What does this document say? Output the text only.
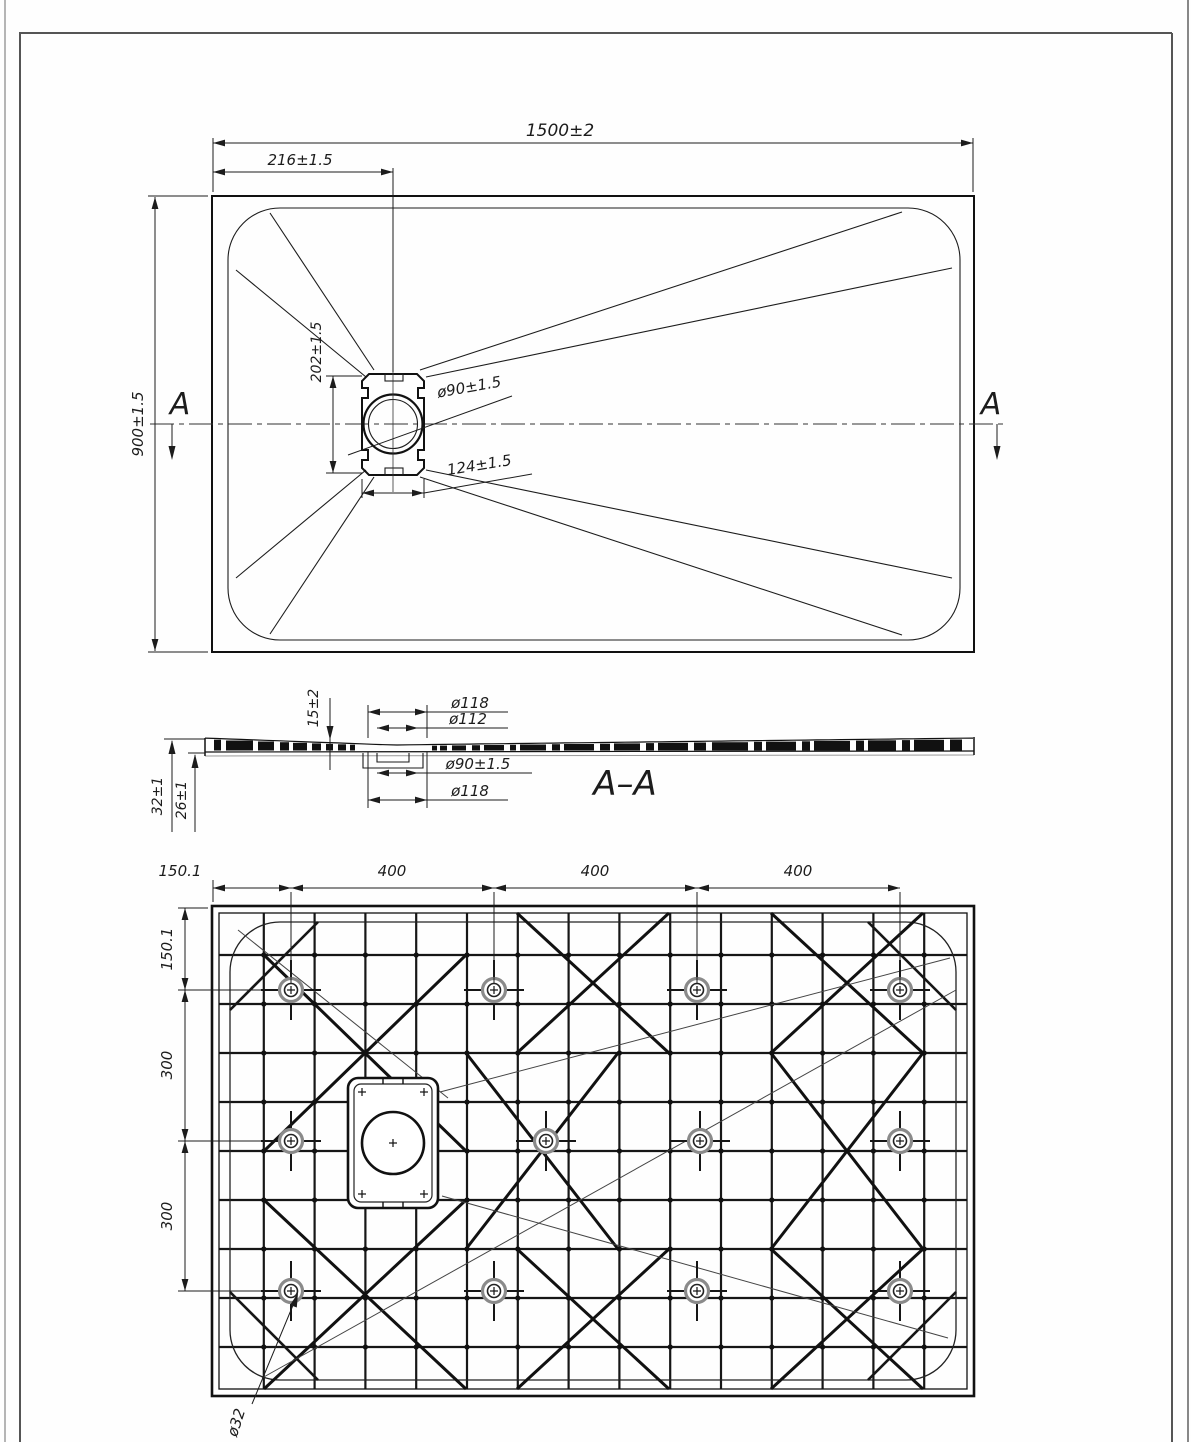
A	A
1500±2
216±1.5
900±1.5
202±1.5
ø90±1.5
124±1.5
15±2	ø118
ø112
ø90±1.5
ø118
32±1 26±1	A–A
150.1	400	400	400
150.1
300
300
ø32
